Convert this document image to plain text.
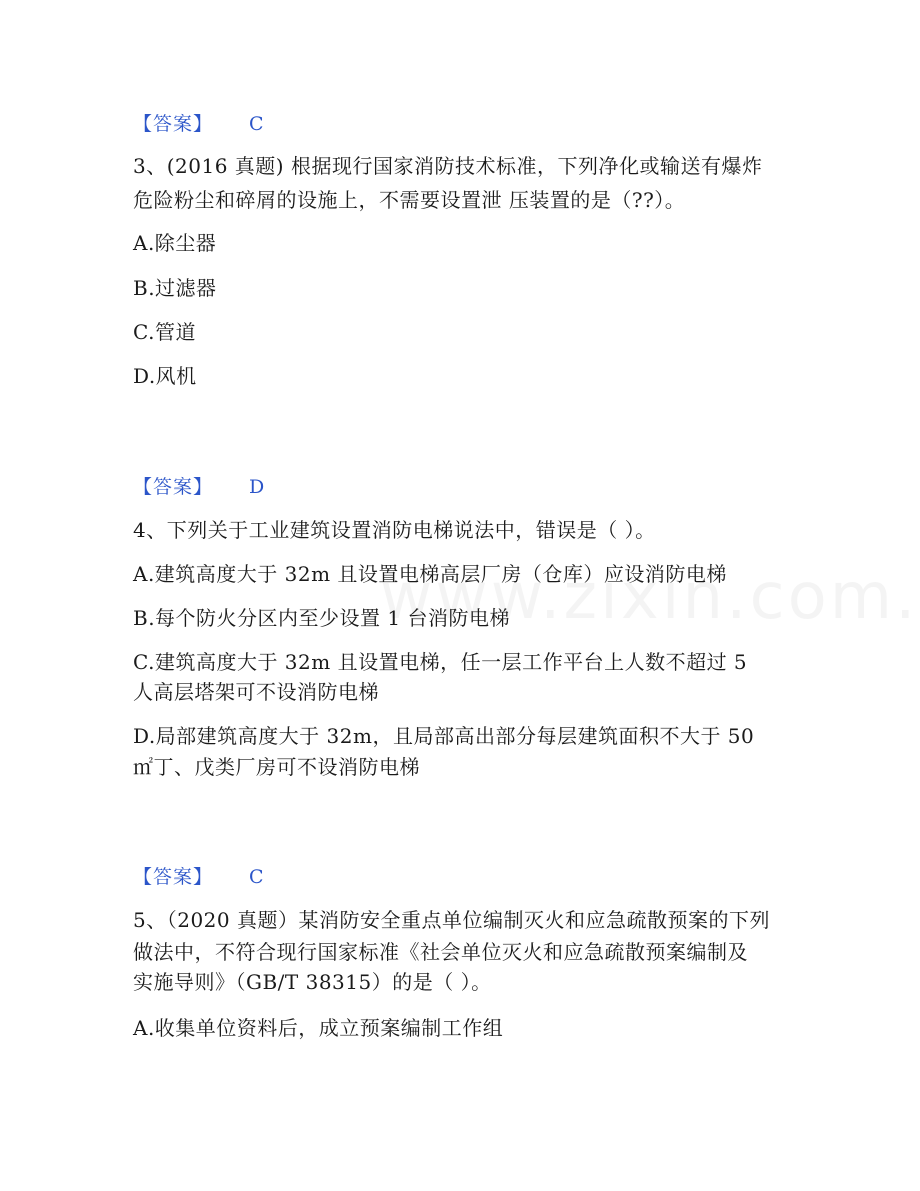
【答案】 C
3、(2016 真题) 根据现行国家消防技术标准，下列净化或输送有爆炸
危险粉尘和碎屑的设施上，不需要设置泄 压装置的是（??）。
A.除尘器
B.过滤器
C.管道
D.风机
【答案】 D
4、下列关于工业建筑设置消防电梯说法中，错误是（ ）。
A.建筑高度大于 32m 且设置电梯高层厂房（仓库）应设消防电梯
B.每个防火分区内至少设置 1 台消防电梯
C.建筑高度大于 32m 且设置电梯，任一层工作平台上人数不超过 5
人高层塔架可不设消防电梯
D.局部建筑高度大于 32m，且局部高出部分每层建筑面积不大于 50
㎡丁、戊类厂房可不设消防电梯
【答案】 C
5、（2020 真题）某消防安全重点单位编制灭火和应急疏散预案的下列
做法中，不符合现行国家标准《社会单位灭火和应急疏散预案编制及
实施导则》（GB/T 38315）的是（ ）。
A.收集单位资料后，成立预案编制工作组
